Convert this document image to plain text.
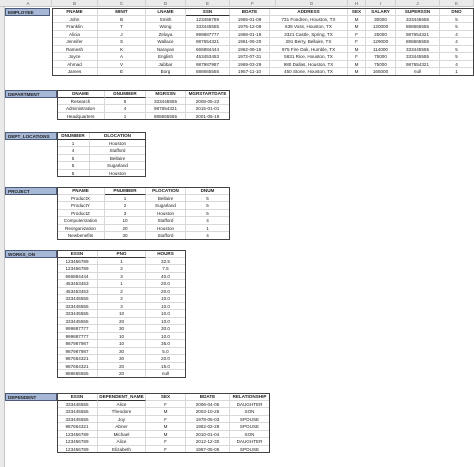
A	B	C	D	E	F	G	H	I	J	K
EMPLOYEE	FNAME	MINIT	LNAME	SSN	BDATE	ADDRESS	SEX	SALARY	SUPERSSN	DNO
John	B	Smith	123456789	1965-01-09	731 Fondren, Houston, TX	M	30000	333445555	5
Franklin	T	Wong	333445555	1975-12-08	638 Voss, Houston, TX	M	120000	888665555	5
Alicia	J	Zelaya	999887777	1968-01-19	3321 Castle, Spring, TX	F	25000	987654321	4
Jennifer	S	Wallace	987654321	1961-06-20	291 Berry, Bellaire, TX	F	129000	888665555	4
Ramesh	K	Narayan	666884444	1962-09-15	975 Fire Oak, Humble, TX	M	114000	333445555	5
Joyce	A	English	453453453	1972-07-31	5631 Rice, Houston, TX	F	75000	333445555	5
Ahmad	V	Jabbar	987987987	1969-03-29	980 Dallas, Houston, TX	M	75000	987654321	4
James	E	Borg	888665555	1957-11-10	450 Stone, Houston, TX	M	165000	null	1
DEPARTMENT	DNAME	DNUMBER	MGRSSN	MGRSTARTDATE
Research	5	333445555	2008-05-22
Administration	4	987654321	2015-01-01
Headquarters	1	888665555	2001-06-19
DEPT_LOCATIONS	DNUMBER	DLOCATION
1	Houston
4	Stafford
5	Bellaire
5	Sugarland
5	Houston
PROJECT	PNAME	PNUMBER	PLOCATION	DNUM
ProductX	1	Bellaire	5
ProductY	2	Sugarland	5
ProductZ	3	Houston	5
Computerization	10	Stafford	4
Reorganization	20	Houston	1
Newbenefits	30	Stafford	4
WORKS_ON	ESSN	PNO	HOURS
123456789	1	32.5
123456789	2	7.5
666884444	3	40.0
453453453	1	20.0
453453453	2	20.0
333445555	2	10.0
333445555	3	10.0
333445555	10	10.0
333445555	20	10.0
999887777	30	30.0
999887777	10	10.0
987987987	10	35.0
987987987	30	5.0
987654321	30	20.0
987654321	20	15.0
888665555	20	null
DEPENDENT	ESSN	DEPENDENT_NAME	SEX	BDATE	RELATIONSHIP
333445555	Alice	F	2006-04-05	DAUGHTER
333445555	Theodore	M	2003-10-25	SON
333445555	Joy	F	1978-05-03	SPOUSE
987654321	Abner	M	1962-02-28	SPOUSE
123456789	Michael	M	2010-01-04	SON
123456789	Alice	F	2012-12-30	DAUGHTER
123456789	Elizabeth	F	1987-05-05	SPOUSE
